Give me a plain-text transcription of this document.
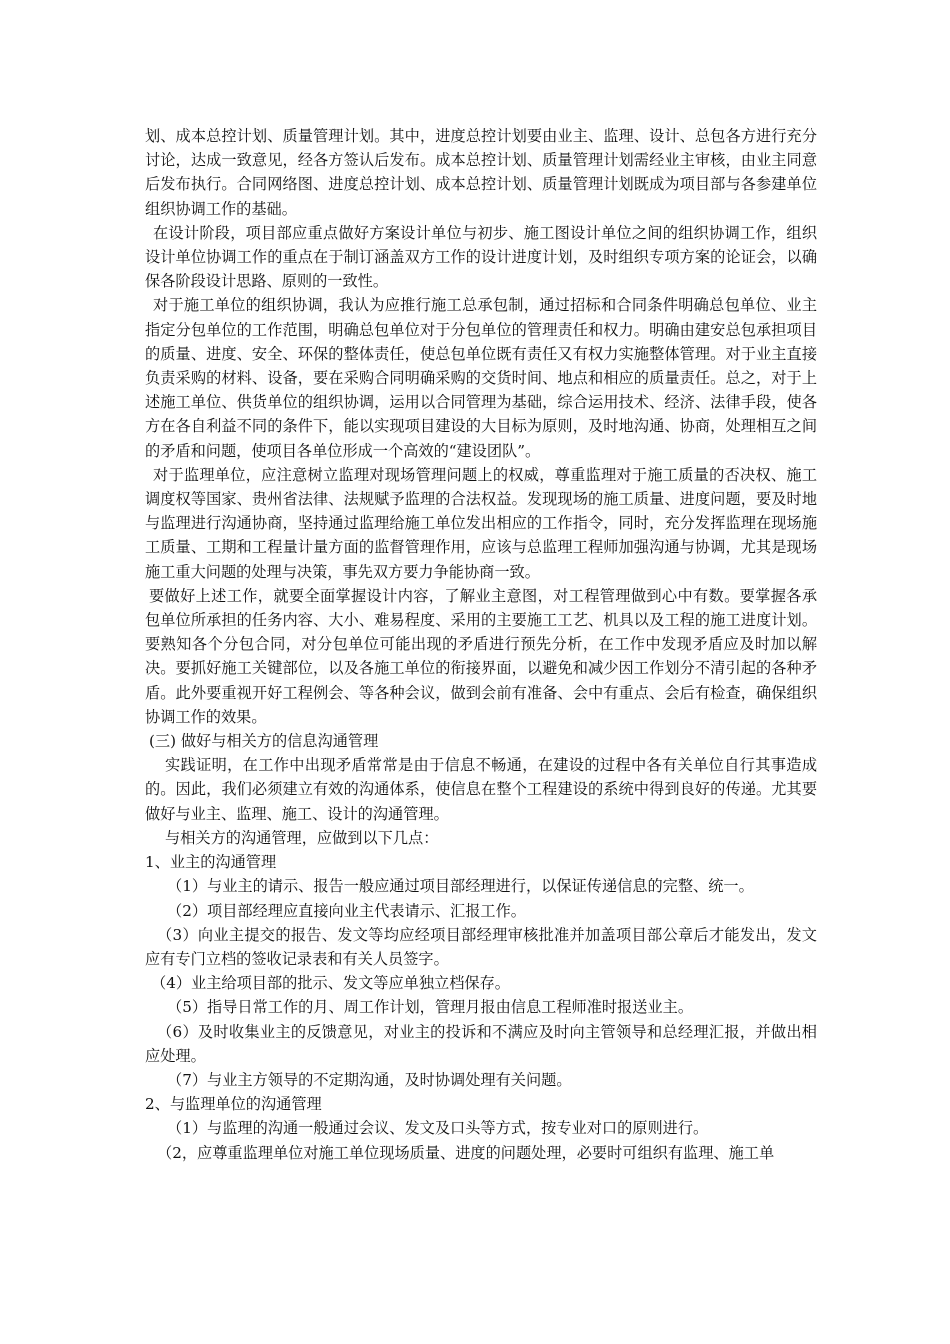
划、成本总控计划、质量管理计划。其中，进度总控计划要由业主、监理、设计、总包各方进行充分讨论，达成一致意见，经各方签认后发布。成本总控计划、质量管理计划需经业主审核，由业主同意后发布执行。合同网络图、进度总控计划、成本总控计划、质量管理计划既成为项目部与各参建单位组织协调工作的基础。

在设计阶段，项目部应重点做好方案设计单位与初步、施工图设计单位之间的组织协调工作，组织设计单位协调工作的重点在于制订涵盖双方工作的设计进度计划，及时组织专项方案的论证会，以确保各阶段设计思路、原则的一致性。

对于施工单位的组织协调，我认为应推行施工总承包制，通过招标和合同条件明确总包单位、业主指定分包单位的工作范围，明确总包单位对于分包单位的管理责任和权力。明确由建安总包承担项目的质量、进度、安全、环保的整体责任，使总包单位既有责任又有权力实施整体管理。对于业主直接负责采购的材料、设备，要在采购合同明确采购的交货时间、地点和相应的质量责任。总之，对于上述施工单位、供货单位的组织协调，运用以合同管理为基础，综合运用技术、经济、法律手段，使各方在各自利益不同的条件下，能以实现项目建设的大目标为原则，及时地沟通、协商，处理相互之间的矛盾和问题，使项目各单位形成一个高效的“建设团队”。

对于监理单位，应注意树立监理对现场管理问题上的权威，尊重监理对于施工质量的否决权、施工调度权等国家、贵州省法律、法规赋予监理的合法权益。发现现场的施工质量、进度问题，要及时地与监理进行沟通协商，坚持通过监理给施工单位发出相应的工作指令，同时，充分发挥监理在现场施工质量、工期和工程量计量方面的监督管理作用，应该与总监理工程师加强沟通与协调，尤其是现场施工重大问题的处理与决策，事先双方要力争能协商一致。

要做好上述工作，就要全面掌握设计内容，了解业主意图，对工程管理做到心中有数。要掌握各承包单位所承担的任务内容、大小、难易程度、采用的主要施工工艺、机具以及工程的施工进度计划。要熟知各个分包合同，对分包单位可能出现的矛盾进行预先分析，在工作中发现矛盾应及时加以解决。要抓好施工关键部位，以及各施工单位的衔接界面，以避免和减少因工作划分不清引起的各种矛盾。此外要重视开好工程例会、等各种会议，做到会前有准备、会中有重点、会后有检查，确保组织协调工作的效果。

(三) 做好与相关方的信息沟通管理

实践证明，在工作中出现矛盾常常是由于信息不畅通，在建设的过程中各有关单位自行其事造成的。因此，我们必须建立有效的沟通体系，使信息在整个工程建设的系统中得到良好的传递。尤其要做好与业主、监理、施工、设计的沟通管理。

与相关方的沟通管理，应做到以下几点：

1、业主的沟通管理

（1）与业主的请示、报告一般应通过项目部经理进行，以保证传递信息的完整、统一。

（2）项目部经理应直接向业主代表请示、汇报工作。

（3）向业主提交的报告、发文等均应经项目部经理审核批准并加盖项目部公章后才能发出，发文应有专门立档的签收记录表和有关人员签字。

（4）业主给项目部的批示、发文等应单独立档保存。

（5）指导日常工作的月、周工作计划，管理月报由信息工程师准时报送业主。

（6）及时收集业主的反馈意见，对业主的投诉和不满应及时向主管领导和总经理汇报，并做出相应处理。

（7）与业主方领导的不定期沟通，及时协调处理有关问题。

2、与监理单位的沟通管理

（1）与监理的沟通一般通过会议、发文及口头等方式，按专业对口的原则进行。

（2，应尊重监理单位对施工单位现场质量、进度的问题处理，必要时可组织有监理、施工单
